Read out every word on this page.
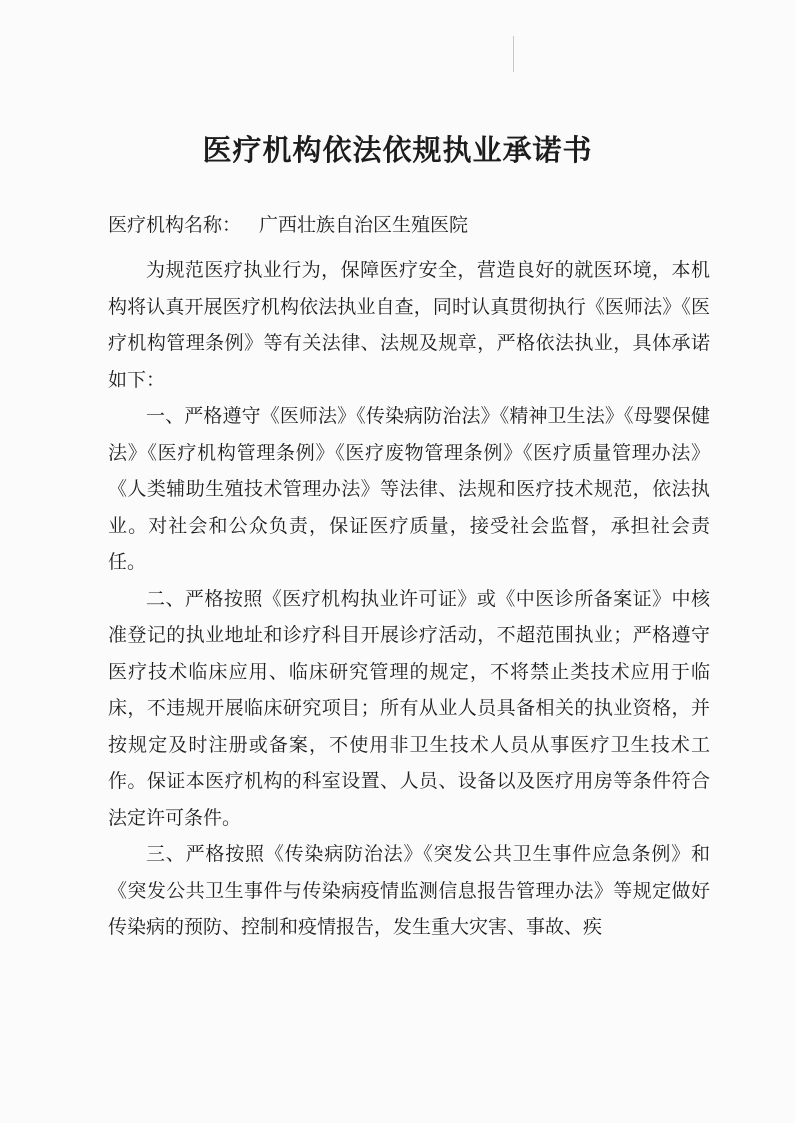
医疗机构依法依规执业承诺书
医疗机构名称： 广西壮族自治区生殖医院

为规范医疗执业行为，保障医疗安全，营造良好的就医环境，本机构将认真开展医疗机构依法执业自查，同时认真贯彻执行《医师法》《医疗机构管理条例》等有关法律、法规及规章，严格依法执业，具体承诺如下：

一、严格遵守《医师法》《传染病防治法》《精神卫生法》《母婴保健法》《医疗机构管理条例》《医疗废物管理条例》《医疗质量管理办法》《人类辅助生殖技术管理办法》等法律、法规和医疗技术规范，依法执业。对社会和公众负责，保证医疗质量，接受社会监督，承担社会责任。

二、严格按照《医疗机构执业许可证》或《中医诊所备案证》中核准登记的执业地址和诊疗科目开展诊疗活动，不超范围执业；严格遵守医疗技术临床应用、临床研究管理的规定，不将禁止类技术应用于临床，不违规开展临床研究项目；所有从业人员具备相关的执业资格，并按规定及时注册或备案，不使用非卫生技术人员从事医疗卫生技术工作。保证本医疗机构的科室设置、人员、设备以及医疗用房等条件符合法定许可条件。

三、严格按照《传染病防治法》《突发公共卫生事件应急条例》和《突发公共卫生事件与传染病疫情监测信息报告管理办法》等规定做好传染病的预防、控制和疫情报告，发生重大灾害、事故、疾
